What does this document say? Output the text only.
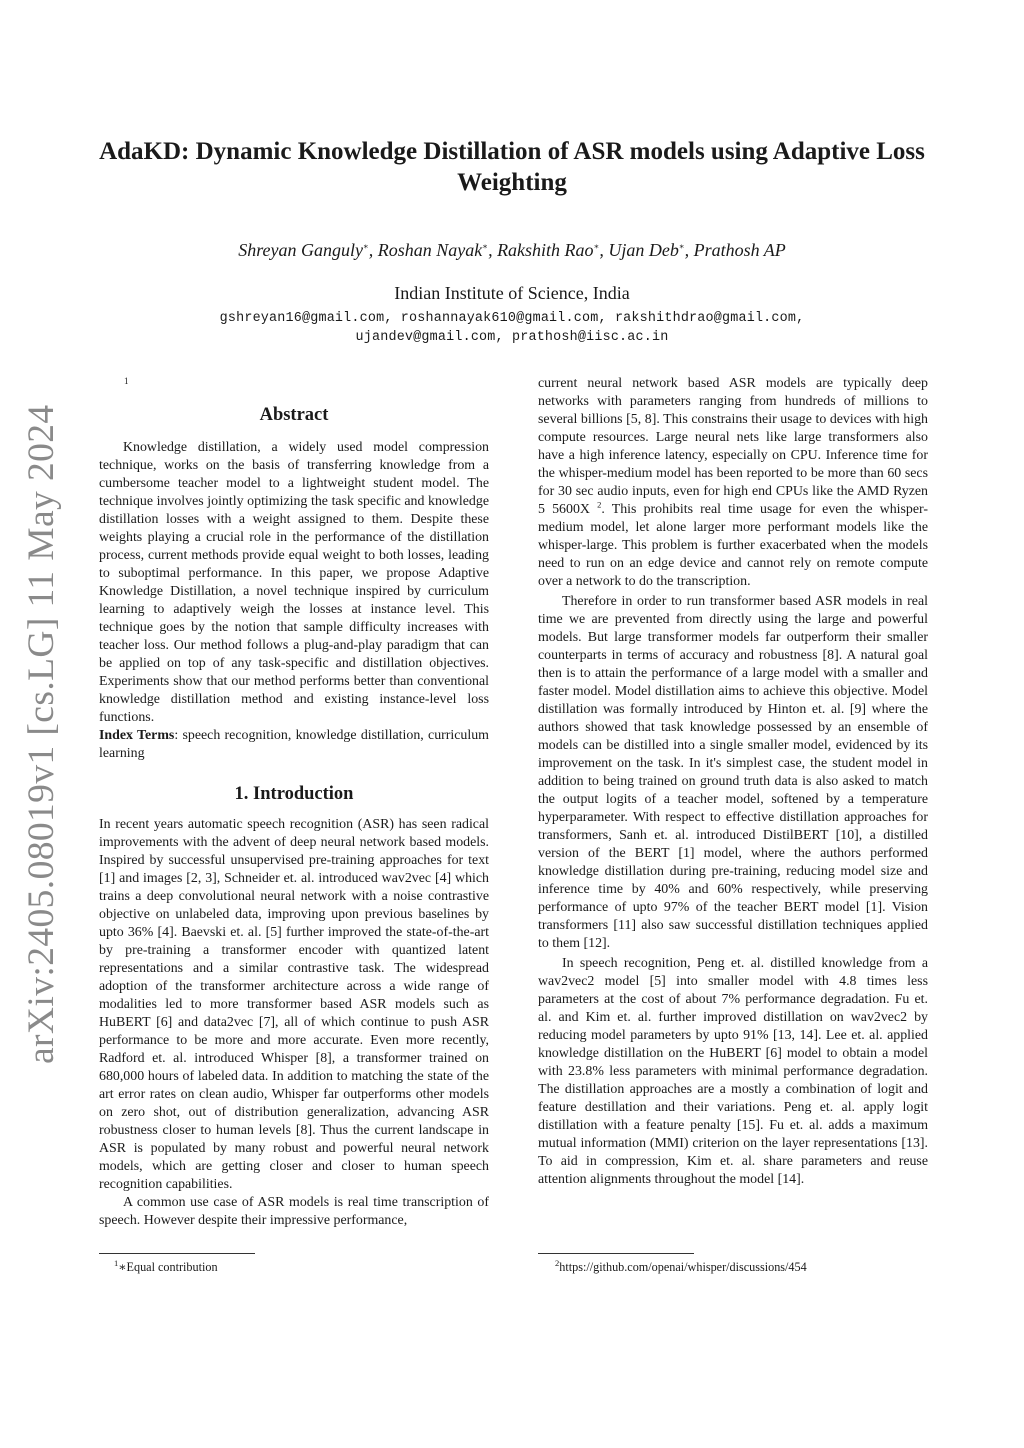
AdaKD: Dynamic Knowledge Distillation of ASR models using Adaptive Loss Weighting
Shreyan Ganguly∗, Roshan Nayak∗, Rakshith Rao∗, Ujan Deb∗, Prathosh AP
Indian Institute of Science, India
gshreyan16@gmail.com, roshannayak610@gmail.com, rakshithdrao@gmail.com,
ujandev@gmail.com, prathosh@iisc.ac.in
arXiv:2405.08019v1 [cs.LG] 11 May 2024
1
Abstract

Knowledge distillation, a widely used model compression technique, works on the basis of transferring knowledge from a cumbersome teacher model to a lightweight student model. The technique involves jointly optimizing the task specific and knowledge distillation losses with a weight assigned to them. Despite these weights playing a crucial role in the performance of the distillation process, current methods provide equal weight to both losses, leading to suboptimal performance. In this paper, we propose Adaptive Knowledge Distillation, a novel technique inspired by curriculum learning to adaptively weigh the losses at instance level. This technique goes by the notion that sample difficulty increases with teacher loss. Our method follows a plug-and-play paradigm that can be applied on top of any task-specific and distillation objectives. Experiments show that our method performs better than conventional knowledge distillation method and existing instance-level loss functions.

Index Terms: speech recognition, knowledge distillation, curriculum learning

1. Introduction

In recent years automatic speech recognition (ASR) has seen radical improvements with the advent of deep neural network based models. Inspired by successful unsupervised pre-training approaches for text [1] and images [2, 3], Schneider et. al. introduced wav2vec [4] which trains a deep convolutional neural network with a noise contrastive objective on unlabeled data, improving upon previous baselines by upto 36% [4]. Baevski et. al. [5] further improved the state-of-the-art by pre-training a transformer encoder with quantized latent representations and a similar contrastive task. The widespread adoption of the transformer architecture across a wide range of modalities led to more transformer based ASR models such as HuBERT [6] and data2vec [7], all of which continue to push ASR performance to be more and more accurate. Even more recently, Radford et. al. introduced Whisper [8], a transformer trained on 680,000 hours of labeled data. In addition to matching the state of the art error rates on clean audio, Whisper far outperforms other models on zero shot, out of distribution generalization, advancing ASR robustness closer to human levels [8]. Thus the current landscape in ASR is populated by many robust and powerful neural network models, which are getting closer and closer to human speech recognition capabilities.

A common use case of ASR models is real time transcription of speech. However despite their impressive performance,

$^1$∗Equal contribution

current neural network based ASR models are typically deep networks with parameters ranging from hundreds of millions to several billions [5, 8]. This constrains their usage to devices with high compute resources. Large neural nets like large transformers also have a high inference latency, especially on CPU. Inference time for the whisper-medium model has been reported to be more than 60 secs for 30 sec audio inputs, even for high end CPUs like the AMD Ryzen 5 5600X $^2$. This prohibits real time usage for even the whisper-medium model, let alone larger more performant models like the whisper-large. This problem is further exacerbated when the models need to run on an edge device and cannot rely on remote compute over a network to do the transcription.

Therefore in order to run transformer based ASR models in real time we are prevented from directly using the large and powerful models. But large transformer models far outperform their smaller counterparts in terms of accuracy and robustness [8]. A natural goal then is to attain the performance of a large model with a smaller and faster model. Model distillation aims to achieve this objective. Model distillation was formally introduced by Hinton et. al. [9] where the authors showed that task knowledge possessed by an ensemble of models can be distilled into a single smaller model, evidenced by its improvement on the task. In it's simplest case, the student model in addition to being trained on ground truth data is also asked to match the output logits of a teacher model, softened by a temperature hyperparameter. With respect to effective distillation approaches for transformers, Sanh et. al. introduced DistilBERT [10], a distilled version of the BERT [1] model, where the authors performed knowledge distillation during pre-training, reducing model size and inference time by 40% and 60% respectively, while preserving performance of upto 97% of the teacher BERT model [1]. Vision transformers [11] also saw successful distillation techniques applied to them [12].

In speech recognition, Peng et. al. distilled knowledge from a wav2vec2 model [5] into smaller model with 4.8 times less parameters at the cost of about 7% performance degradation. Fu et. al. and Kim et. al. further improved distillation on wav2vec2 by reducing model parameters by upto 91% [13, 14]. Lee et. al. applied knowledge distillation on the HuBERT [6] model to obtain a model with 23.8% less parameters with minimal performance degradation. The distillation approaches are a mostly a combination of logit and feature destillation and their variations. Peng et. al. apply logit distillation with a feature penalty [15]. Fu et. al. adds a maximum mutual information (MMI) criterion on the layer representations [13]. To aid in compression, Kim et. al. share parameters and reuse attention alignments throughout the model [14].

$^2$https://github.com/openai/whisper/discussions/454
